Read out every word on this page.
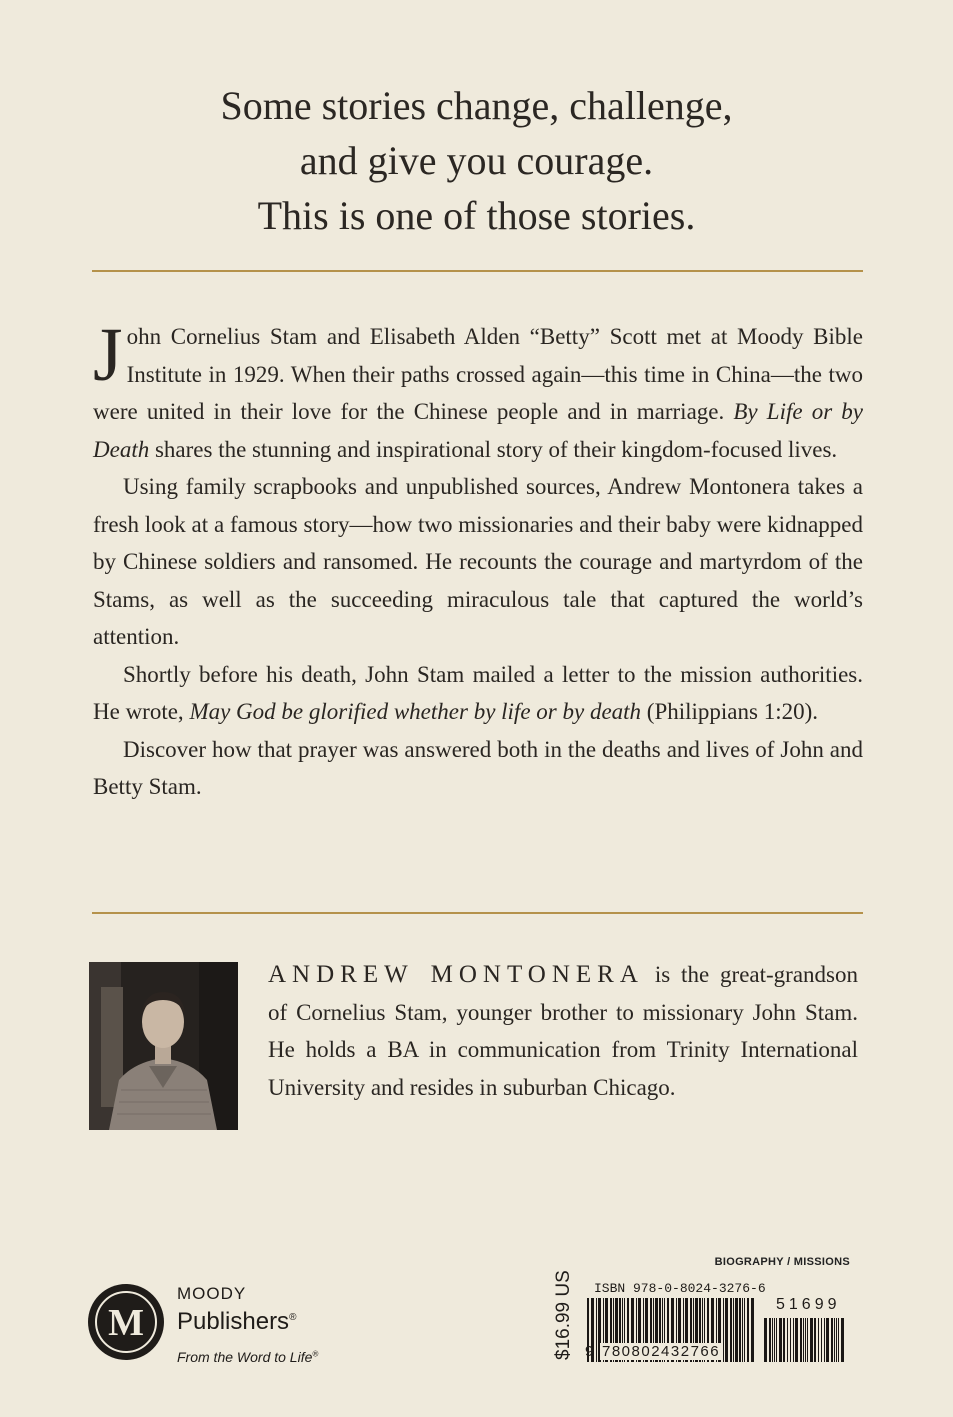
Some stories change, challenge,
and give you courage.
This is one of those stories.

John Cornelius Stam and Elisabeth Alden “Betty” Scott met at Moody Bible Institute in 1929. When their paths crossed again—this time in China—the two were united in their love for the Chinese people and in marriage. By Life or by Death shares the stunning and inspirational story of their kingdom-focused lives.

Using family scrapbooks and unpublished sources, Andrew Montonera takes a fresh look at a famous story—how two missionaries and their baby were kidnapped by Chinese soldiers and ransomed. He recounts the courage and martyrdom of the Stams, as well as the succeeding miraculous tale that captured the world’s attention.

Shortly before his death, John Stam mailed a letter to the mission authorities. He wrote, May God be glorified whether by life or by death (Philippians 1:20).

Discover how that prayer was answered both in the deaths and lives of John and Betty Stam.

ANDREW MONTONERA is the great-grandson of Cornelius Stam, younger brother to missionary John Stam. He holds a BA in communication from Trinity International University and resides in suburban Chicago.
BIOGRAPHY / MISSIONS
M
MOODY
Publishers®
From the Word to Life®	$16.99 US ISBN 978-0-8024-3276-6
9 780802432766
51699
